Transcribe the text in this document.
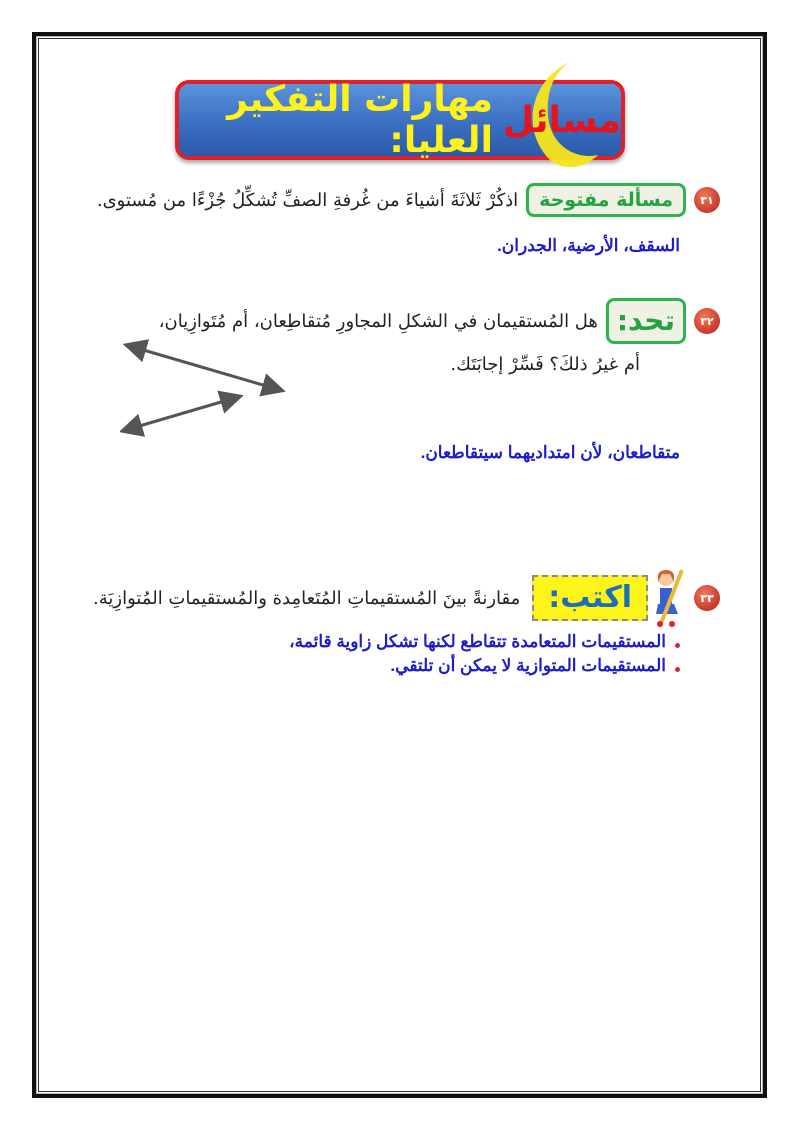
مسائل
مهارات التفكير العليا:
٣١
مسألة مفتوحة
اذكُرْ ثَلاثَةَ أشياءَ من غُرفةِ الصفِّ تُشكِّلُ جُزْءًا من مُستوى.
السقف، الأرضية، الجدران.
٣٢
تحد:
هل المُستقيمان في الشكلِ المجاورِ مُتقاطِعان، أم مُتَوازِيان،
أم غيرُ ذلكَ؟ فَسِّرْ إجابَتَك.
متقاطعان، لأن امتداديهما سيتقاطعان.
٣٣
اكتب:
مقارنةً بينَ المُستقيماتِ المُتَعامِدة والمُستقيماتِ المُتوازِيَة.
المستقيمات المتعامدة تتقاطع لكنها تشكل زاوية قائمة،
المستقيمات المتوازية لا يمكن أن تلتقي.
